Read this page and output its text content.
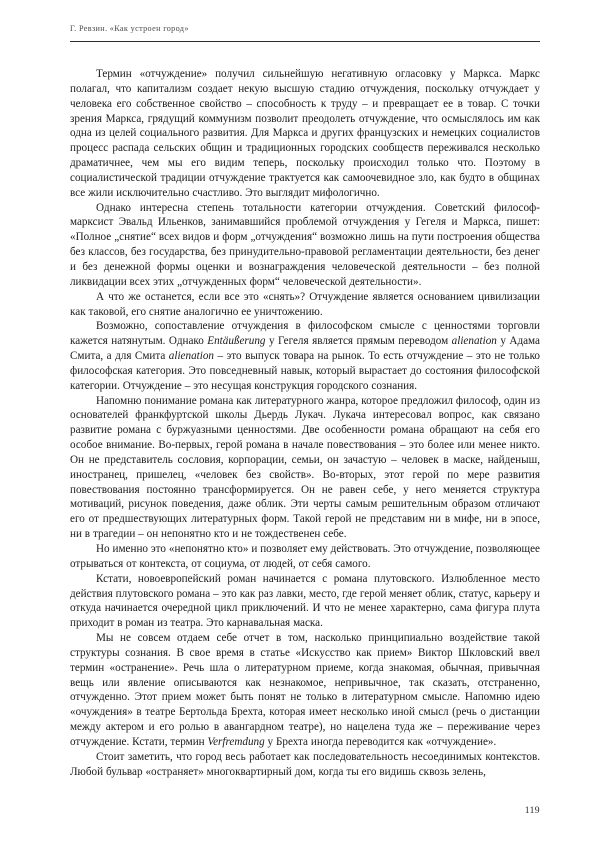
Г. Ревзин. «Как устроен город»

Термин «отчуждение» получил сильнейшую негативную огласовку у Маркса. Маркс полагал, что капитализм создает некую высшую стадию отчуждения, поскольку отчуждает у человека его собственное свойство – способность к труду – и превращает ее в товар. С точки зрения Маркса, грядущий коммунизм позволит преодолеть отчуждение, что осмыслялось им как одна из целей социального развития. Для Маркса и других французских и немецких социалистов процесс распада сельских общин и традиционных городских сообществ переживался несколько драматичнее, чем мы его видим теперь, поскольку происходил только что. Поэтому в социалистической традиции отчуждение трактуется как самоочевидное зло, как будто в общинах все жили исключительно счастливо. Это выглядит мифологично.

Однако интересна степень тотальности категории отчуждения. Советский философ-марксист Эвальд Ильенков, занимавшийся проблемой отчуждения у Гегеля и Маркса, пишет: «Полное „снятие“ всех видов и форм „отчуждения“ возможно лишь на пути построения общества без классов, без государства, без принудительно-правовой регламентации деятельности, без денег и без денежной формы оценки и вознаграждения человеческой деятельности – без полной ликвидации всех этих „отчужденных форм“ человеческой деятельности».

А что же останется, если все это «снять»? Отчуждение является основанием цивилизации как таковой, его снятие аналогично ее уничтожению.

Возможно, сопоставление отчуждения в философском смысле с ценностями торговли кажется натянутым. Однако Entäußerung у Гегеля является прямым переводом alienation у Адама Смита, а для Смита alienation – это выпуск товара на рынок. То есть отчуждение – это не только философская категория. Это повседневный навык, который вырастает до состояния философской категории. Отчуждение – это несущая конструкция городского сознания.

Напомню понимание романа как литературного жанра, которое предложил философ, один из основателей франкфуртской школы Дьердь Лукач. Лукача интересовал вопрос, как связано развитие романа с буржуазными ценностями. Две особенности романа обращают на себя его особое внимание. Во-первых, герой романа в начале повествования – это более или менее никто. Он не представитель сословия, корпорации, семьи, он зачастую – человек в маске, найденыш, иностранец, пришелец, «человек без свойств». Во-вторых, этот герой по мере развития повествования постоянно трансформируется. Он не равен себе, у него меняется структура мотиваций, рисунок поведения, даже облик. Эти черты самым решительным образом отличают его от предшествующих литературных форм. Такой герой не представим ни в мифе, ни в эпосе, ни в трагедии – он непонятно кто и не тождественен себе.

Но именно это «непонятно кто» и позволяет ему действовать. Это отчуждение, позволяющее отрываться от контекста, от социума, от людей, от себя самого.

Кстати, новоевропейский роман начинается с романа плутовского. Излюбленное место действия плутовского романа – это как раз лавки, место, где герой меняет облик, статус, карьеру и откуда начинается очередной цикл приключений. И что не менее характерно, сама фигура плута приходит в роман из театра. Это карнавальная маска.

Мы не совсем отдаем себе отчет в том, насколько принципиально воздействие такой структуры сознания. В свое время в статье «Искусство как прием» Виктор Шкловский ввел термин «остранение». Речь шла о литературном приеме, когда знакомая, обычная, привычная вещь или явление описываются как незнакомое, непривычное, так сказать, отстраненно, отчужденно. Этот прием может быть понят не только в литературном смысле. Напомню идею «очуждения» в театре Бертольда Брехта, которая имеет несколько иной смысл (речь о дистанции между актером и его ролью в авангардном театре), но нацелена туда же – переживание через отчуждение. Кстати, термин Verfremdung у Брехта иногда переводится как «отчуждение».

Стоит заметить, что город весь работает как последовательность несоединимых контекстов. Любой бульвар «остраняет» многоквартирный дом, когда ты его видишь сквозь зелень,

119
